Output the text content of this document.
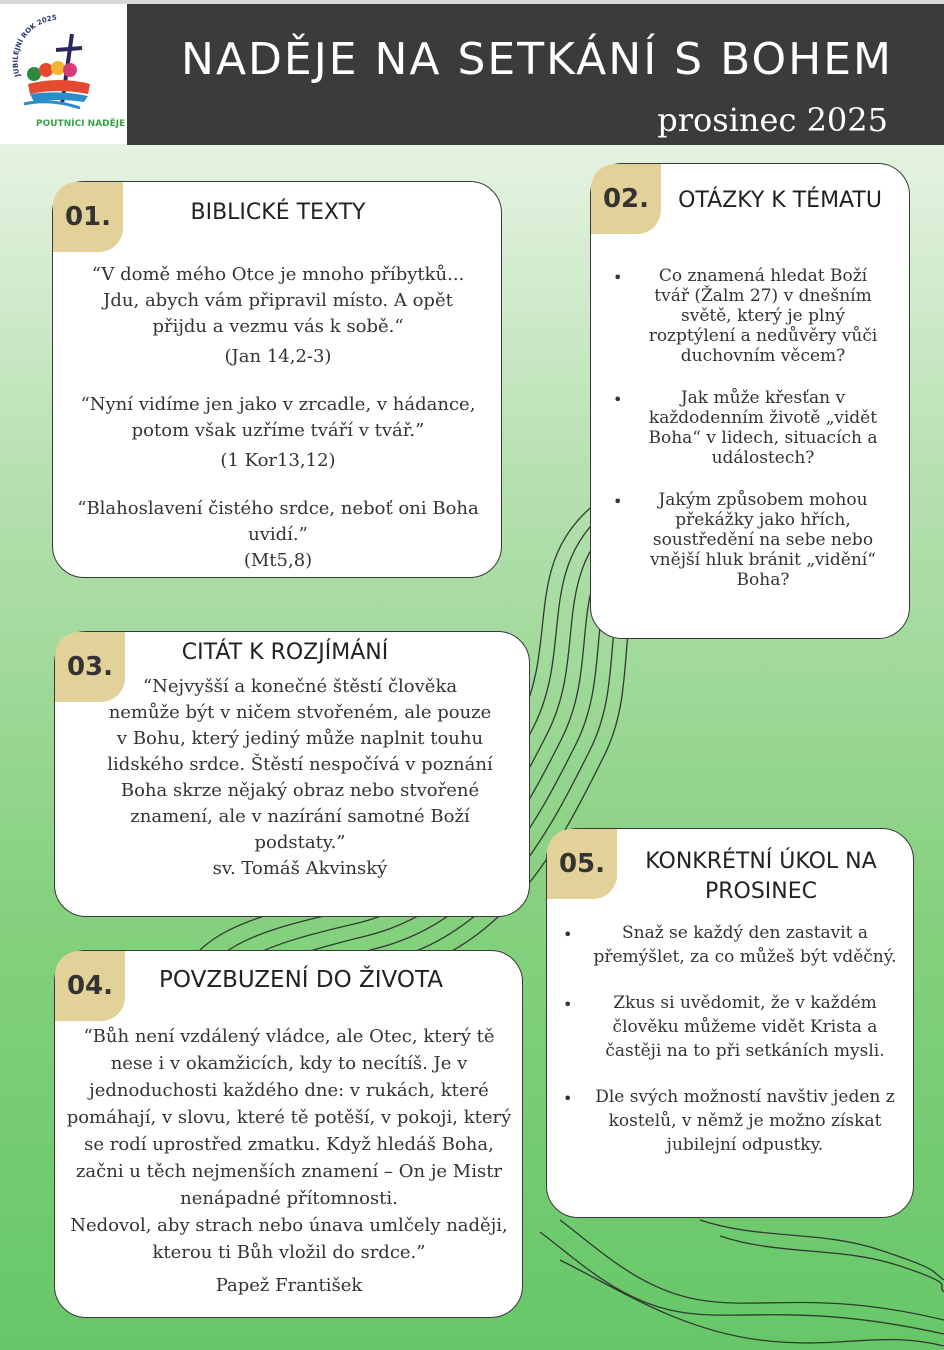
JUBILEJNÍ ROK 2025
POUTNÍCI NADĚJE
NADĚJE NA SETKÁNÍ S BOHEM
prosinec 2025
01.	BIBLICKÉ TEXTY

“V domě mého Otce je mnoho příbytků... Jdu, abych vám připravil místo. A opět přijdu a vezmu vás k sobě.“

(Jan 14,2-3)

“Nyní vidíme jen jako v zrcadle, v hádance, potom však uzříme tváří v tvář.”

(1 Kor13,12)

“Blahoslavení čistého srdce, neboť oni Boha uvidí.”

(Mt5,8)

02.	OTÁZKY K TÉMATU
• Co znamená hledat Boží tvář (Žalm 27) v dnešním světě, který je plný rozptýlení a nedůvěry vůči duchovním věcem?
•	Jak může křesťan v každodenním životě „vidět Boha“ v lidech, situacích a událostech?
• Jakým způsobem mohou překážky jako hřích, soustředění na sebe nebo vnější hluk bránit „vidění“ Boha?
03.	CITÁT K ROZJÍMÁNÍ

“Nejvyšší a konečné štěstí člověka nemůže být v ničem stvořeném, ale pouze v Bohu, který jediný může naplnit touhu lidského srdce. Štěstí nespočívá v poznání Boha skrze nějaký obraz nebo stvořené znamení, ale v nazírání samotné Boží podstaty.”

sv. Tomáš Akvinský

04.	POVZBUZENÍ DO ŽIVOTA

“Bůh není vzdálený vládce, ale Otec, který tě nese i v okamžicích, kdy to necítíš. Je v jednoduchosti každého dne: v rukách, které pomáhají, v slovu, které tě potěší, v pokoji, který se rodí uprostřed zmatku. Když hledáš Boha, začni u těch nejmenších znamení – On je Mistr nenápadné přítomnosti.

Nedovol, aby strach nebo únava umlčely naději, kterou ti Bůh vložil do srdce.”

Papež František

05.	KONKRÉTNÍ ÚKOL NA PROSINEC
•	Snaž se každý den zastavit a přemýšlet, za co můžeš být vděčný.
• Zkus si uvědomit, že v každém člověku můžeme vidět Krista a častěji na to při setkáních mysli.
• Dle svých možností navštiv jeden z kostelů, v němž je možno získat jubilejní odpustky.
